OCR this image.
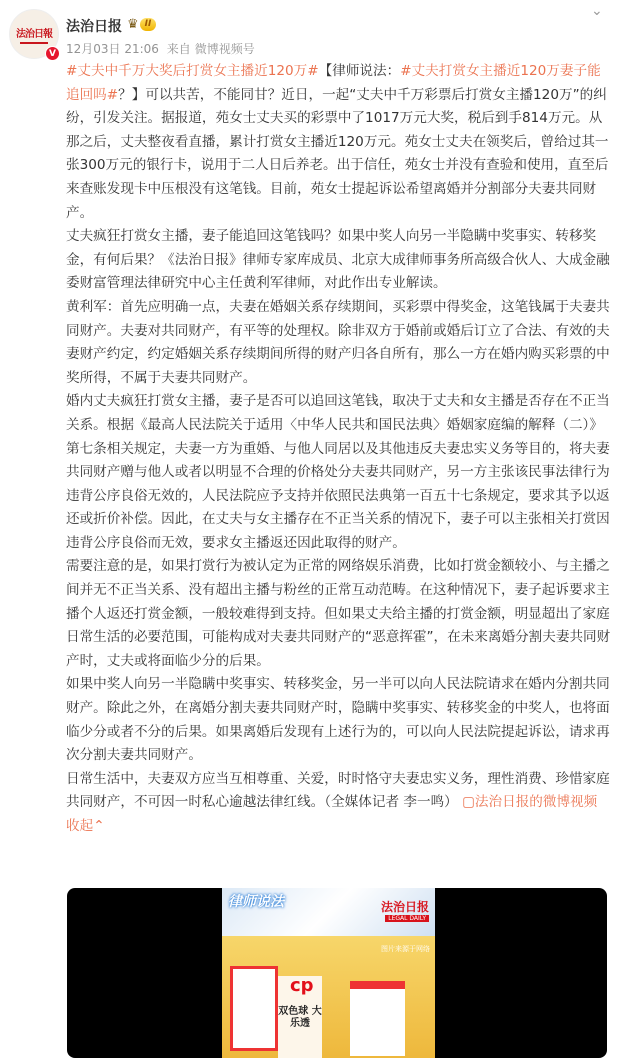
法治日報
V
法治日报 ♛ II
12月03日 21:06 来自 微博视频号
⌄

#丈夫中千万大奖后打赏女主播近120万#【律师说法：#丈夫打赏女主播近120万妻子能追回吗#？】可以共苦，不能同甘？近日，一起“丈夫中千万彩票后打赏女主播120万”的纠纷，引发关注。据报道，苑女士丈夫买的彩票中了1017万元大奖，税后到手814万元。从那之后，丈夫整夜看直播，累计打赏女主播近120万元。苑女士丈夫在领奖后，曾给过其一张300万元的银行卡，说用于二人日后养老。出于信任，苑女士并没有查验和使用，直至后来查账发现卡中压根没有这笔钱。目前，苑女士提起诉讼希望离婚并分割部分夫妻共同财产。

丈夫疯狂打赏女主播，妻子能追回这笔钱吗？如果中奖人向另一半隐瞒中奖事实、转移奖金，有何后果？《法治日报》律师专家库成员、北京大成律师事务所高级合伙人、大成金融委财富管理法律研究中心主任黄利军律师，对此作出专业解读。

黄利军：首先应明确一点，夫妻在婚姻关系存续期间，买彩票中得奖金，这笔钱属于夫妻共同财产。夫妻对共同财产，有平等的处理权。除非双方于婚前或婚后订立了合法、有效的夫妻财产约定，约定婚姻关系存续期间所得的财产归各自所有，那么一方在婚内购买彩票的中奖所得，不属于夫妻共同财产。

婚内丈夫疯狂打赏女主播，妻子是否可以追回这笔钱，取决于丈夫和女主播是否存在不正当关系。根据《最高人民法院关于适用〈中华人民共和国民法典〉婚姻家庭编的解释（二）》第七条相关规定，夫妻一方为重婚、与他人同居以及其他违反夫妻忠实义务等目的，将夫妻共同财产赠与他人或者以明显不合理的价格处分夫妻共同财产，另一方主张该民事法律行为违背公序良俗无效的，人民法院应予支持并依照民法典第一百五十七条规定，要求其予以返还或折价补偿。因此，在丈夫与女主播存在不正当关系的情况下，妻子可以主张相关打赏因违背公序良俗而无效，要求女主播返还因此取得的财产。

需要注意的是，如果打赏行为被认定为正常的网络娱乐消费，比如打赏金额较小、与主播之间并无不正当关系、没有超出主播与粉丝的正常互动范畴。在这种情况下，妻子起诉要求主播个人返还打赏金额，一般较难得到支持。但如果丈夫给主播的打赏金额，明显超出了家庭日常生活的必要范围，可能构成对夫妻共同财产的“恶意挥霍”，在未来离婚分割夫妻共同财产时，丈夫或将面临少分的后果。

如果中奖人向另一半隐瞒中奖事实、转移奖金，另一半可以向人民法院请求在婚内分割共同财产。除此之外，在离婚分割夫妻共同财产时，隐瞒中奖事实、转移奖金的中奖人，也将面临少分或者不分的后果。如果离婚后发现有上述行为的，可以向人民法院提起诉讼，请求再次分割夫妻共同财产。

日常生活中，夫妻双方应当互相尊重、关爱，时时恪守夫妻忠实义务，理性消费、珍惜家庭共同财产，不可因一时私心逾越法律红线。（全媒体记者 李一鸣） ▢法治日报的微博视频 收起⌃

律师说法	法治日报
LEGAL DAILY
图片来源于网络
cp
双色球 大乐透
